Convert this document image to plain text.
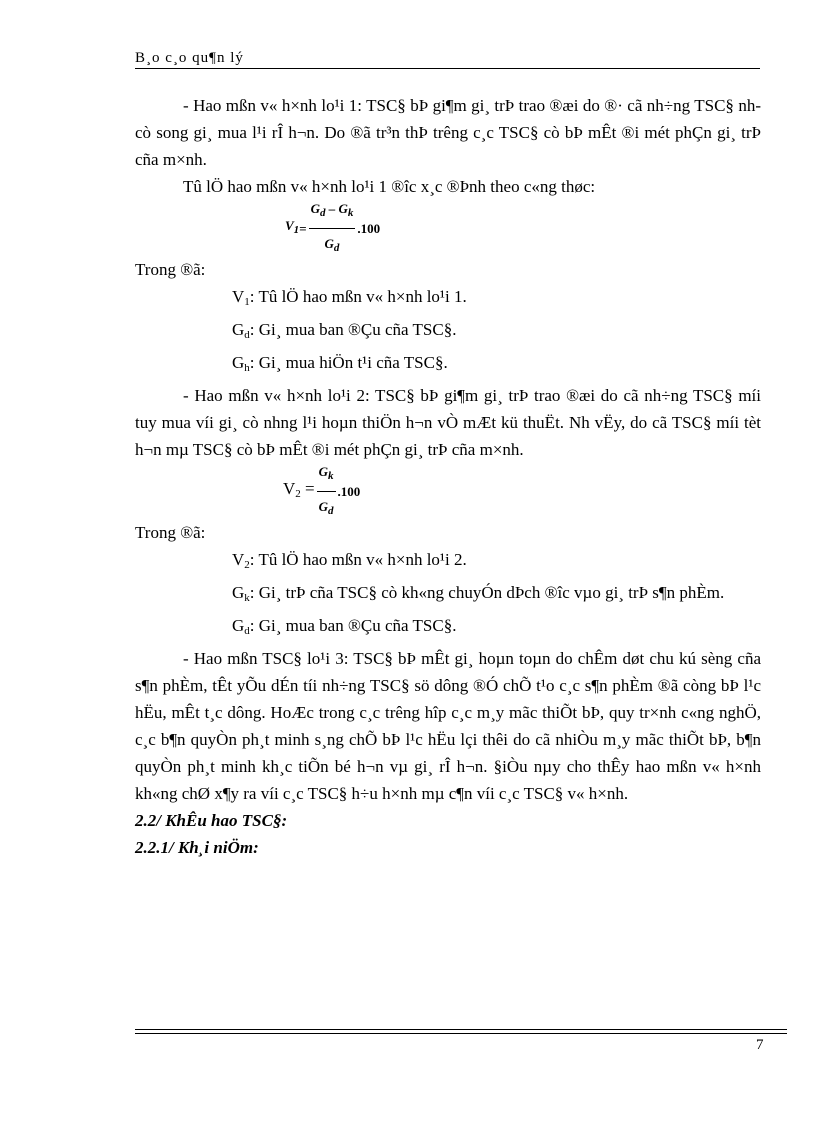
B¸o c¸o qu¶n lý

- Hao mßn v« h×nh lo¹i 1: TSC§ bÞ gi¶m gi¸ trÞ trao ®æi do ®· cã nh÷ng TSC§ nh cò song gi¸ mua l¹i rÎ h¬n. Do ®ã tr³n thÞ trêng c¸c TSC§ cò bÞ mÊt ®i mét phÇn gi¸ trÞ cña m×nh.

Tû lÖ hao mßn v« h×nh lo¹i 1 ®îc x¸c ®Þnh theo c«ng thøc:

$V_1 = \frac{G_d - G_k}{G_d} .100$

Trong ®ã:

$V_1$: Tû lÖ hao mßn v« h×nh lo¹i 1.

$G_d$: Gi¸ mua ban ®Çu cña TSC§.

$G_h$: Gi¸ mua hiÖn t¹i cña TSC§.

- Hao mßn v« h×nh lo¹i 2: TSC§ bÞ gi¶m gi¸ trÞ trao ®æi do cã nh÷ng TSC§ míi tuy mua víi gi¸ cò nhng l¹i hoµn thiÖn h¬n vÒ mÆt kü thuËt. Nh vËy, do cã TSC§ míi tèt h¬n mµ TSC§ cò bÞ mÊt ®i mét phÇn gi¸ trÞ cña m×nh.

$V_2 = \frac{G_k}{G_d} .100$

Trong ®ã:

$V_2$: Tû lÖ hao mßn v« h×nh lo¹i 2.

$G_k$: Gi¸ trÞ cña TSC§ cò kh«ng chuyÓn dÞch ®îc vµo gi¸ trÞ s¶n phÈm.

$G_d$: Gi¸ mua ban ®Çu cña TSC§.

- Hao mßn TSC§ lo¹i 3: TSC§ bÞ mÊt gi¸ hoµn toµn do chÊm døt chu kú sèng cña s¶n phÈm, tÊt yÕu dÉn tíi nh÷ng TSC§ sö dông ®Ó chÕ t¹o c¸c s¶n phÈm ®ã còng bÞ l¹c hËu, mÊt t¸c dông. HoÆc trong c¸c trêng hîp c¸c m¸y mãc thiÕt bÞ, quy tr×nh c«ng nghÖ, c¸c b¶n quyÒn ph¸t minh s¸ng chÕ bÞ l¹c hËu lçi thêi do cã nhiÒu m¸y mãc thiÕt bÞ, b¶n quyÒn ph¸t minh kh¸c tiÕn bé h¬n vµ gi¸ rÎ h¬n. §iÒu nµy cho thÊy hao mßn v« h×nh kh«ng chØ x¶y ra víi c¸c TSC§ h÷u h×nh mµ c¶n víi c¸c TSC§ v« h×nh.

2.2/ KhÊu hao TSC§:

2.2.1/ Kh¸i niÖm:

7
